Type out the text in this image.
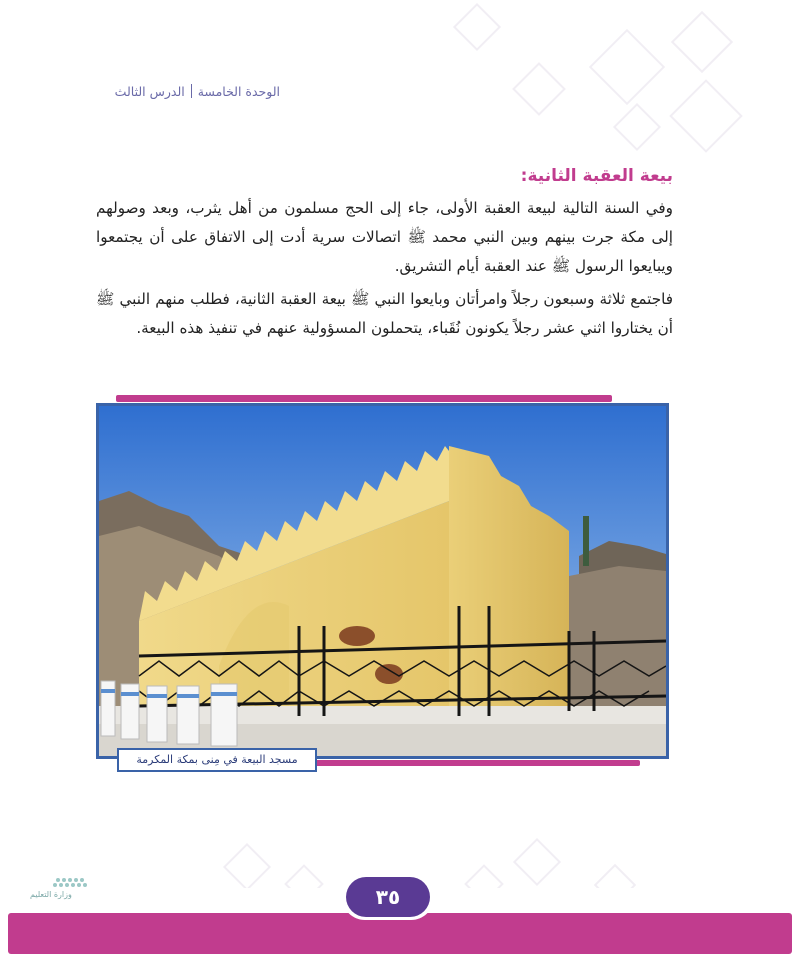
الوحدة الخامسةالدرس الثالث
بيعة العقبة الثانية:

وفي السنة التالية لبيعة العقبة الأولى، جاء إلى الحج مسلمون من أهل يثرب، وبعد وصولهم إلى مكة جرت بينهم وبين النبي محمد ﷺ اتصالات سرية أدت إلى الاتفاق على أن يجتمعوا ويبايعوا الرسول ﷺ عند العقبة أيام التشريق.

فاجتمع ثلاثة وسبعون رجلاً وامرأتان وبايعوا النبي ﷺ بيعة العقبة الثانية، فطلب منهم النبي ﷺ أن يختاروا اثني عشر رجلاً يكونون نُقَباء، يتحملون المسؤولية عنهم في تنفيذ هذه البيعة.

مسجد البيعة في مِنى بمكة المكرمة
٣٥
وزارة التعليم
